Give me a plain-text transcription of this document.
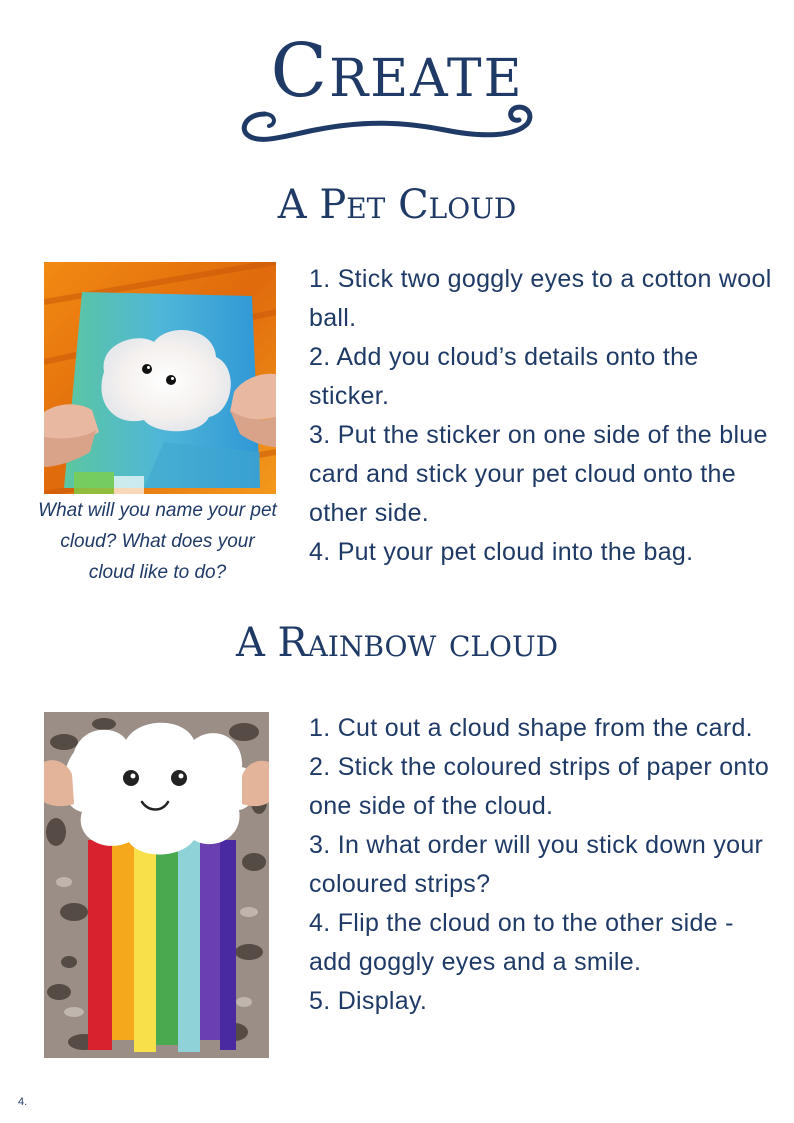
Create
A Pet Cloud
What will you name your pet cloud? What does your cloud like to do?

1. Stick two goggly eyes to a cotton wool ball.

2. Add you cloud’s details onto the sticker.

3. Put the sticker on one side of the blue card and stick your pet cloud onto the other side.

4. Put your pet cloud into the bag.

A Rainbow cloud

1. Cut out a cloud shape from the card.

2. Stick the coloured strips of paper onto one side of the cloud.

3. In what order will you stick down your coloured strips?

4. Flip the cloud on to the other side - add goggly eyes and a smile.

5. Display.

4.
